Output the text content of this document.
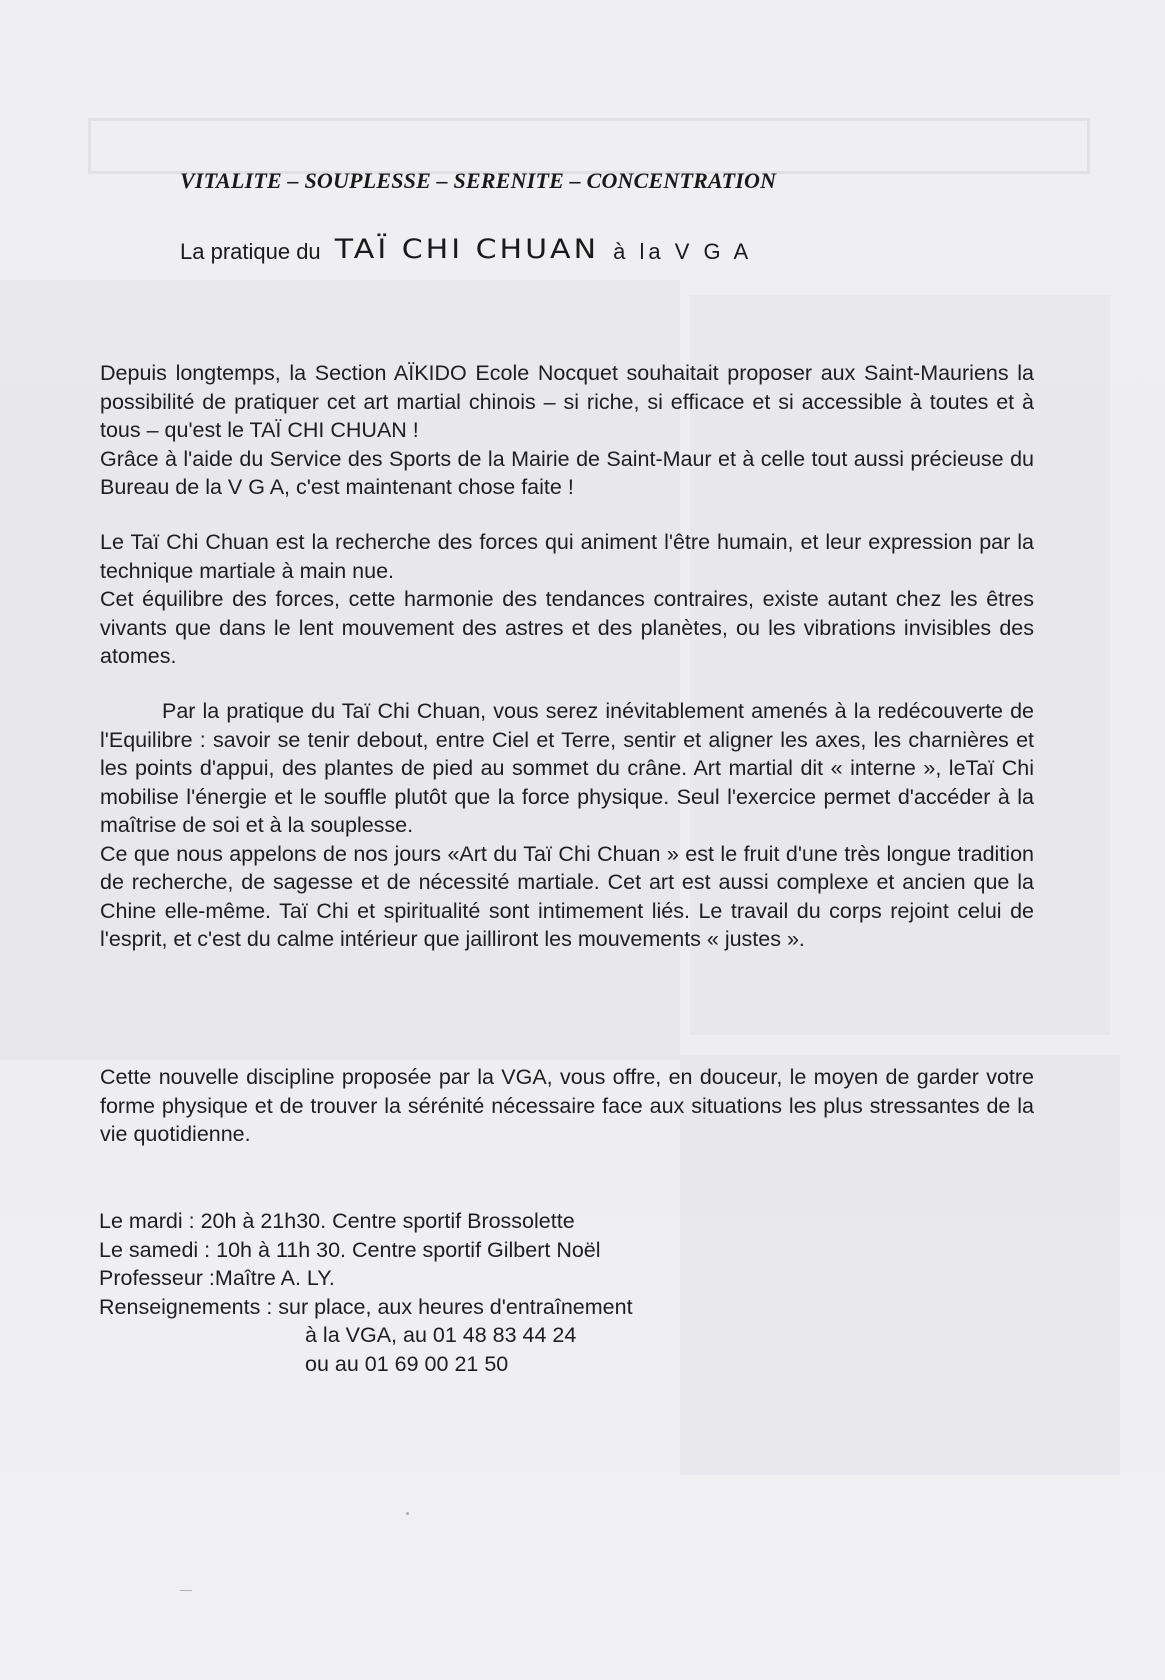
VITALITE – SOUPLESSE – SERENITE – CONCENTRATION
La pratique du TAÏ CHI CHUAN à la V G A

Depuis longtemps, la Section AÏKIDO Ecole Nocquet souhaitait proposer aux Saint-Mauriens la possibilité de pratiquer cet art martial chinois – si riche, si efficace et si accessible à toutes et à tous – qu'est le TAÏ CHI CHUAN !

Grâce à l'aide du Service des Sports de la Mairie de Saint-Maur et à celle tout aussi précieuse du Bureau de la V G A, c'est maintenant chose faite !

Le Taï Chi Chuan est la recherche des forces qui animent l'être humain, et leur expression par la technique martiale à main nue.

Cet équilibre des forces, cette harmonie des tendances contraires, existe autant chez les êtres vivants que dans le lent mouvement des astres et des planètes, ou les vibrations invisibles des atomes.

Par la pratique du Taï Chi Chuan, vous serez inévitablement amenés à la redécouverte de l'Equilibre : savoir se tenir debout, entre Ciel et Terre, sentir et aligner les axes, les charnières et les points d'appui, des plantes de pied au sommet du crâne. Art martial dit « interne », leTaï Chi mobilise l'énergie et le souffle plutôt que la force physique. Seul l'exercice permet d'accéder à la maîtrise de soi et à la souplesse.

Ce que nous appelons de nos jours «Art du Taï Chi Chuan » est le fruit d'une très longue tradition de recherche, de sagesse et de nécessité martiale. Cet art est aussi complexe et ancien que la Chine elle-même. Taï Chi et spiritualité sont intimement liés. Le travail du corps rejoint celui de l'esprit, et c'est du calme intérieur que jailliront les mouvements « justes ».

Cette nouvelle discipline proposée par la VGA, vous offre, en douceur, le moyen de garder votre forme physique et de trouver la sérénité nécessaire face aux situations les plus stressantes de la vie quotidienne.

Le mardi : 20h à 21h30. Centre sportif Brossolette
Le samedi : 10h à 11h 30. Centre sportif Gilbert Noël
Professeur :Maître A. LY.
Renseignements : sur place, aux heures d'entraînement
à la VGA, au 01 48 83 44 24
ou au 01 69 00 21 50
